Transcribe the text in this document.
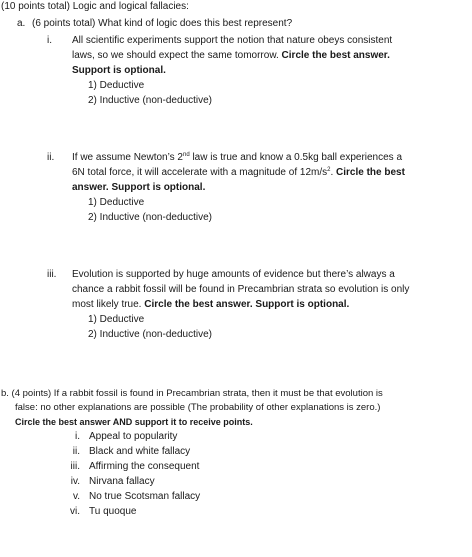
(10 points total) Logic and logical fallacies:
a. (6 points total) What kind of logic does this best represent?
i. All scientific experiments support the notion that nature obeys consistent
laws, so we should expect the same tomorrow. Circle the best answer.
Support is optional.
1) Deductive
2) Inductive (non-deductive)
ii. If we assume Newton’s 2nd law is true and know a 0.5kg ball experiences a
6N total force, it will accelerate with a magnitude of $12m/s^2$. Circle the best
answer. Support is optional.
1) Deductive
2) Inductive (non-deductive)
iii. Evolution is supported by huge amounts of evidence but there’s always a
chance a rabbit fossil will be found in Precambrian strata so evolution is only
most likely true. Circle the best answer. Support is optional.
1) Deductive
2) Inductive (non-deductive)
b. (4 points) If a rabbit fossil is found in Precambrian strata, then it must be that evolution is
false: no other explanations are possible (The probability of other explanations is zero.)
Circle the best answer AND support it to receive points.
i. Appeal to popularity
ii. Black and white fallacy
iii. Affirming the consequent
iv. Nirvana fallacy
v. No true Scotsman fallacy
vi. Tu quoque
